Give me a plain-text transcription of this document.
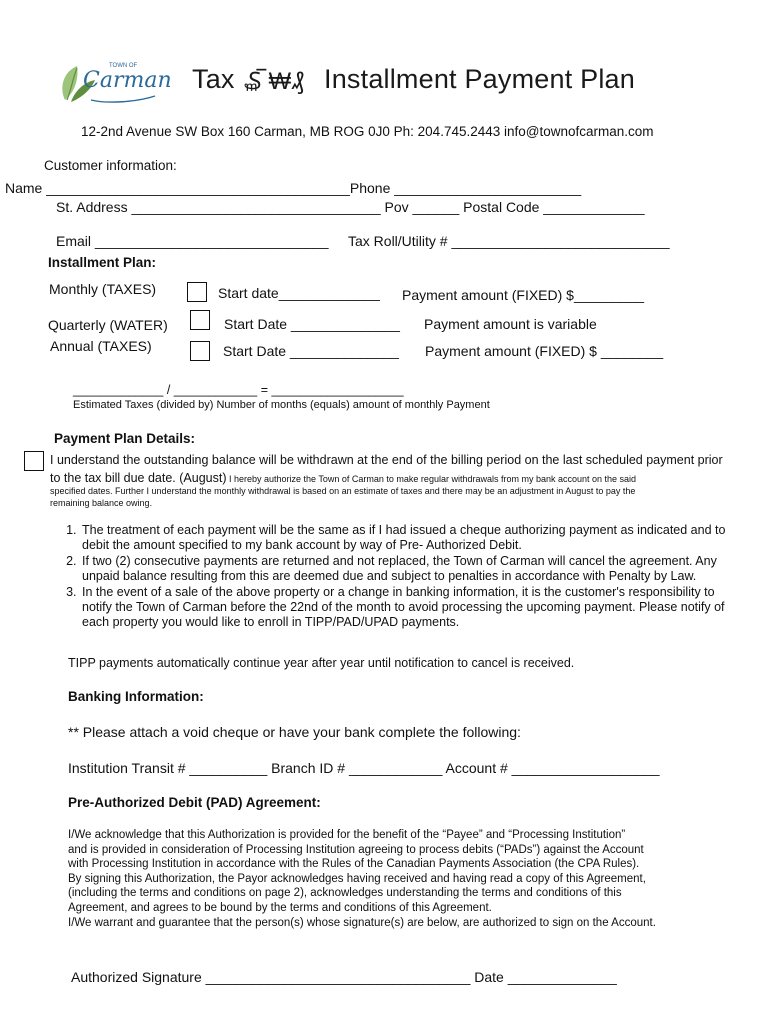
TOWN OF
Carman Tax ₷̅ ₩₰ Installment Payment Plan
12-2nd Avenue SW Box 160 Carman, MB ROG 0J0 Ph: 204.745.2443 info@townofcarman.com
Customer information:
Name _______________________________________Phone ________________________
St. Address ________________________________ Pov ______ Postal Code _____________
Email ______________________________ Tax Roll/Utility # ____________________________
Installment Plan:
Monthly (TAXES)	Start date_____________ Payment amount (FIXED) $_________
Quarterly (WATER)	Start Date ______________ Payment amount is variable
Annual (TAXES)	Start Date ______________ Payment amount (FIXED) $ ________
_____________ / ____________ = ___________________
Estimated Taxes (divided by) Number of months (equals) amount of monthly Payment
Payment Plan Details:
I understand the outstanding balance will be withdrawn at the end of the billing period on the last scheduled payment prior
to the tax bill due date. (August) I hereby authorize the Town of Carman to make regular withdrawals from my bank account on the said
specified dates. Further I understand the monthly withdrawal is based on an estimate of taxes and there may be an adjustment in August to pay the
remaining balance owing.
1. The treatment of each payment will be the same as if I had issued a cheque authorizing payment as indicated and to debit the amount specified to my bank account by way of Pre- Authorized Debit.
2. If two (2) consecutive payments are returned and not replaced, the Town of Carman will cancel the agreement. Any unpaid balance resulting from this are deemed due and subject to penalties in accordance with Penalty by Law.
3. In the event of a sale of the above property or a change in banking information, it is the customer's responsibility to notify the Town of Carman before the 22nd of the month to avoid processing the upcoming payment. Please notify of each property you would like to enroll in TIPP/PAD/UPAD payments.
TIPP payments automatically continue year after year until notification to cancel is received.
Banking Information:
** Please attach a void cheque or have your bank complete the following:
Institution Transit # __________ Branch ID # ____________ Account # ___________________
Pre-Authorized Debit (PAD) Agreement:
I/We acknowledge that this Authorization is provided for the benefit of the “Payee” and “Processing Institution”
and is provided in consideration of Processing Institution agreeing to process debits (“PADs”) against the Account
with Processing Institution in accordance with the Rules of the Canadian Payments Association (the CPA Rules).
By signing this Authorization, the Payor acknowledges having received and having read a copy of this Agreement,
(including the terms and conditions on page 2), acknowledges understanding the terms and conditions of this
Agreement, and agrees to be bound by the terms and conditions of this Agreement.
I/We warrant and guarantee that the person(s) whose signature(s) are below, are authorized to sign on the Account.
Authorized Signature __________________________________ Date ______________
